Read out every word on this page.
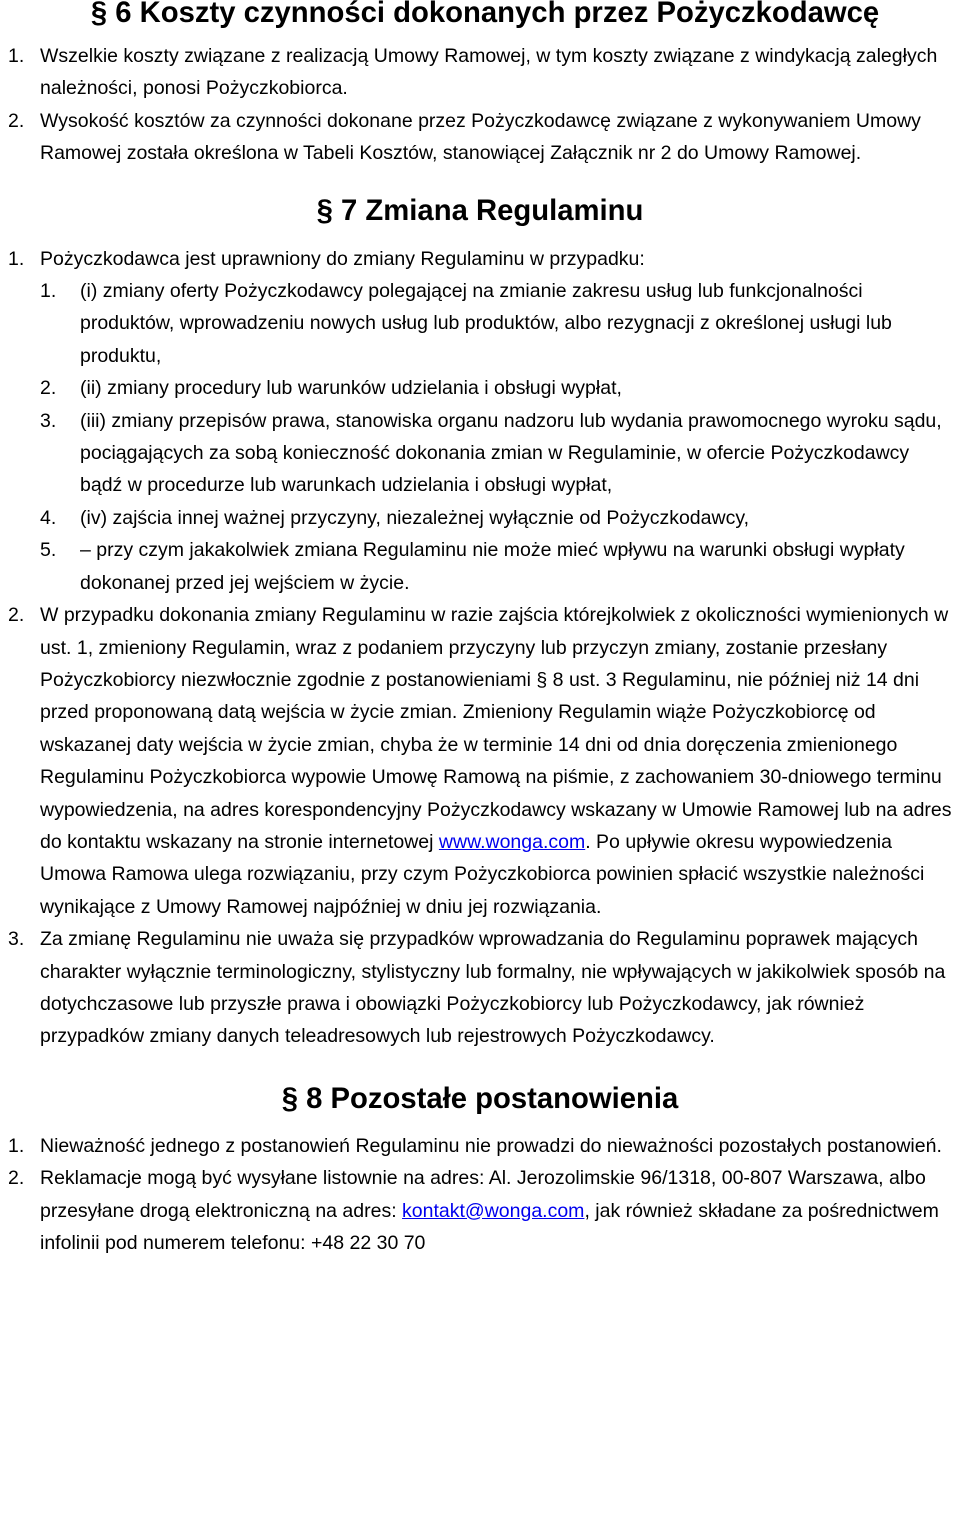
§ 6 Koszty czynności dokonanych przez Pożyczkodawcę
1. Wszelkie koszty związane z realizacją Umowy Ramowej, w tym koszty związane z windykacją zaległych należności, ponosi Pożyczkobiorca.
2. Wysokość kosztów za czynności dokonane przez Pożyczkodawcę związane z wykonywaniem Umowy Ramowej została określona w Tabeli Kosztów, stanowiącej Załącznik nr 2 do Umowy Ramowej.
§ 7 Zmiana Regulaminu
1. Pożyczkodawca jest uprawniony do zmiany Regulaminu w przypadku:
1. (i) zmiany oferty Pożyczkodawcy polegającej na zmianie zakresu usług lub funkcjonalności produktów, wprowadzeniu nowych usług lub produktów, albo rezygnacji z określonej usługi lub produktu,
2. (ii) zmiany procedury lub warunków udzielania i obsługi wypłat,
3. (iii) zmiany przepisów prawa, stanowiska organu nadzoru lub wydania prawomocnego wyroku sądu, pociągających za sobą konieczność dokonania zmian w Regulaminie, w ofercie Pożyczkodawcy bądź w procedurze lub warunkach udzielania i obsługi wypłat,
4. (iv) zajścia innej ważnej przyczyny, niezależnej wyłącznie od Pożyczkodawcy,
5. – przy czym jakakolwiek zmiana Regulaminu nie może mieć wpływu na warunki obsługi wypłaty dokonanej przed jej wejściem w życie.
2. W przypadku dokonania zmiany Regulaminu w razie zajścia którejkolwiek z okoliczności wymienionych w ust. 1, zmieniony Regulamin, wraz z podaniem przyczyny lub przyczyn zmiany, zostanie przesłany Pożyczkobiorcy niezwłocznie zgodnie z postanowieniami § 8 ust. 3 Regulaminu, nie później niż 14 dni przed proponowaną datą wejścia w życie zmian. Zmieniony Regulamin wiąże Pożyczkobiorcę od wskazanej daty wejścia w życie zmian, chyba że w terminie 14 dni od dnia doręczenia zmienionego Regulaminu Pożyczkobiorca wypowie Umowę Ramową na piśmie, z zachowaniem 30-dniowego terminu wypowiedzenia, na adres korespondencyjny Pożyczkodawcy wskazany w Umowie Ramowej lub na adres do kontaktu wskazany na stronie internetowej www.wonga.com. Po upływie okresu wypowiedzenia Umowa Ramowa ulega rozwiązaniu, przy czym Pożyczkobiorca powinien spłacić wszystkie należności wynikające z Umowy Ramowej najpóźniej w dniu jej rozwiązania.
3. Za zmianę Regulaminu nie uważa się przypadków wprowadzania do Regulaminu poprawek mających charakter wyłącznie terminologiczny, stylistyczny lub formalny, nie wpływających w jakikolwiek sposób na dotychczasowe lub przyszłe prawa i obowiązki Pożyczkobiorcy lub Pożyczkodawcy, jak również przypadków zmiany danych teleadresowych lub rejestrowych Pożyczkodawcy.
§ 8 Pozostałe postanowienia
1. Nieważność jednego z postanowień Regulaminu nie prowadzi do nieważności pozostałych postanowień.
2. Reklamacje mogą być wysyłane listownie na adres: Al. Jerozolimskie 96/1318, 00-807 Warszawa, albo przesyłane drogą elektroniczną na adres: kontakt@wonga.com, jak również składane za pośrednictwem infolinii pod numerem telefonu: +48 22 30 70
